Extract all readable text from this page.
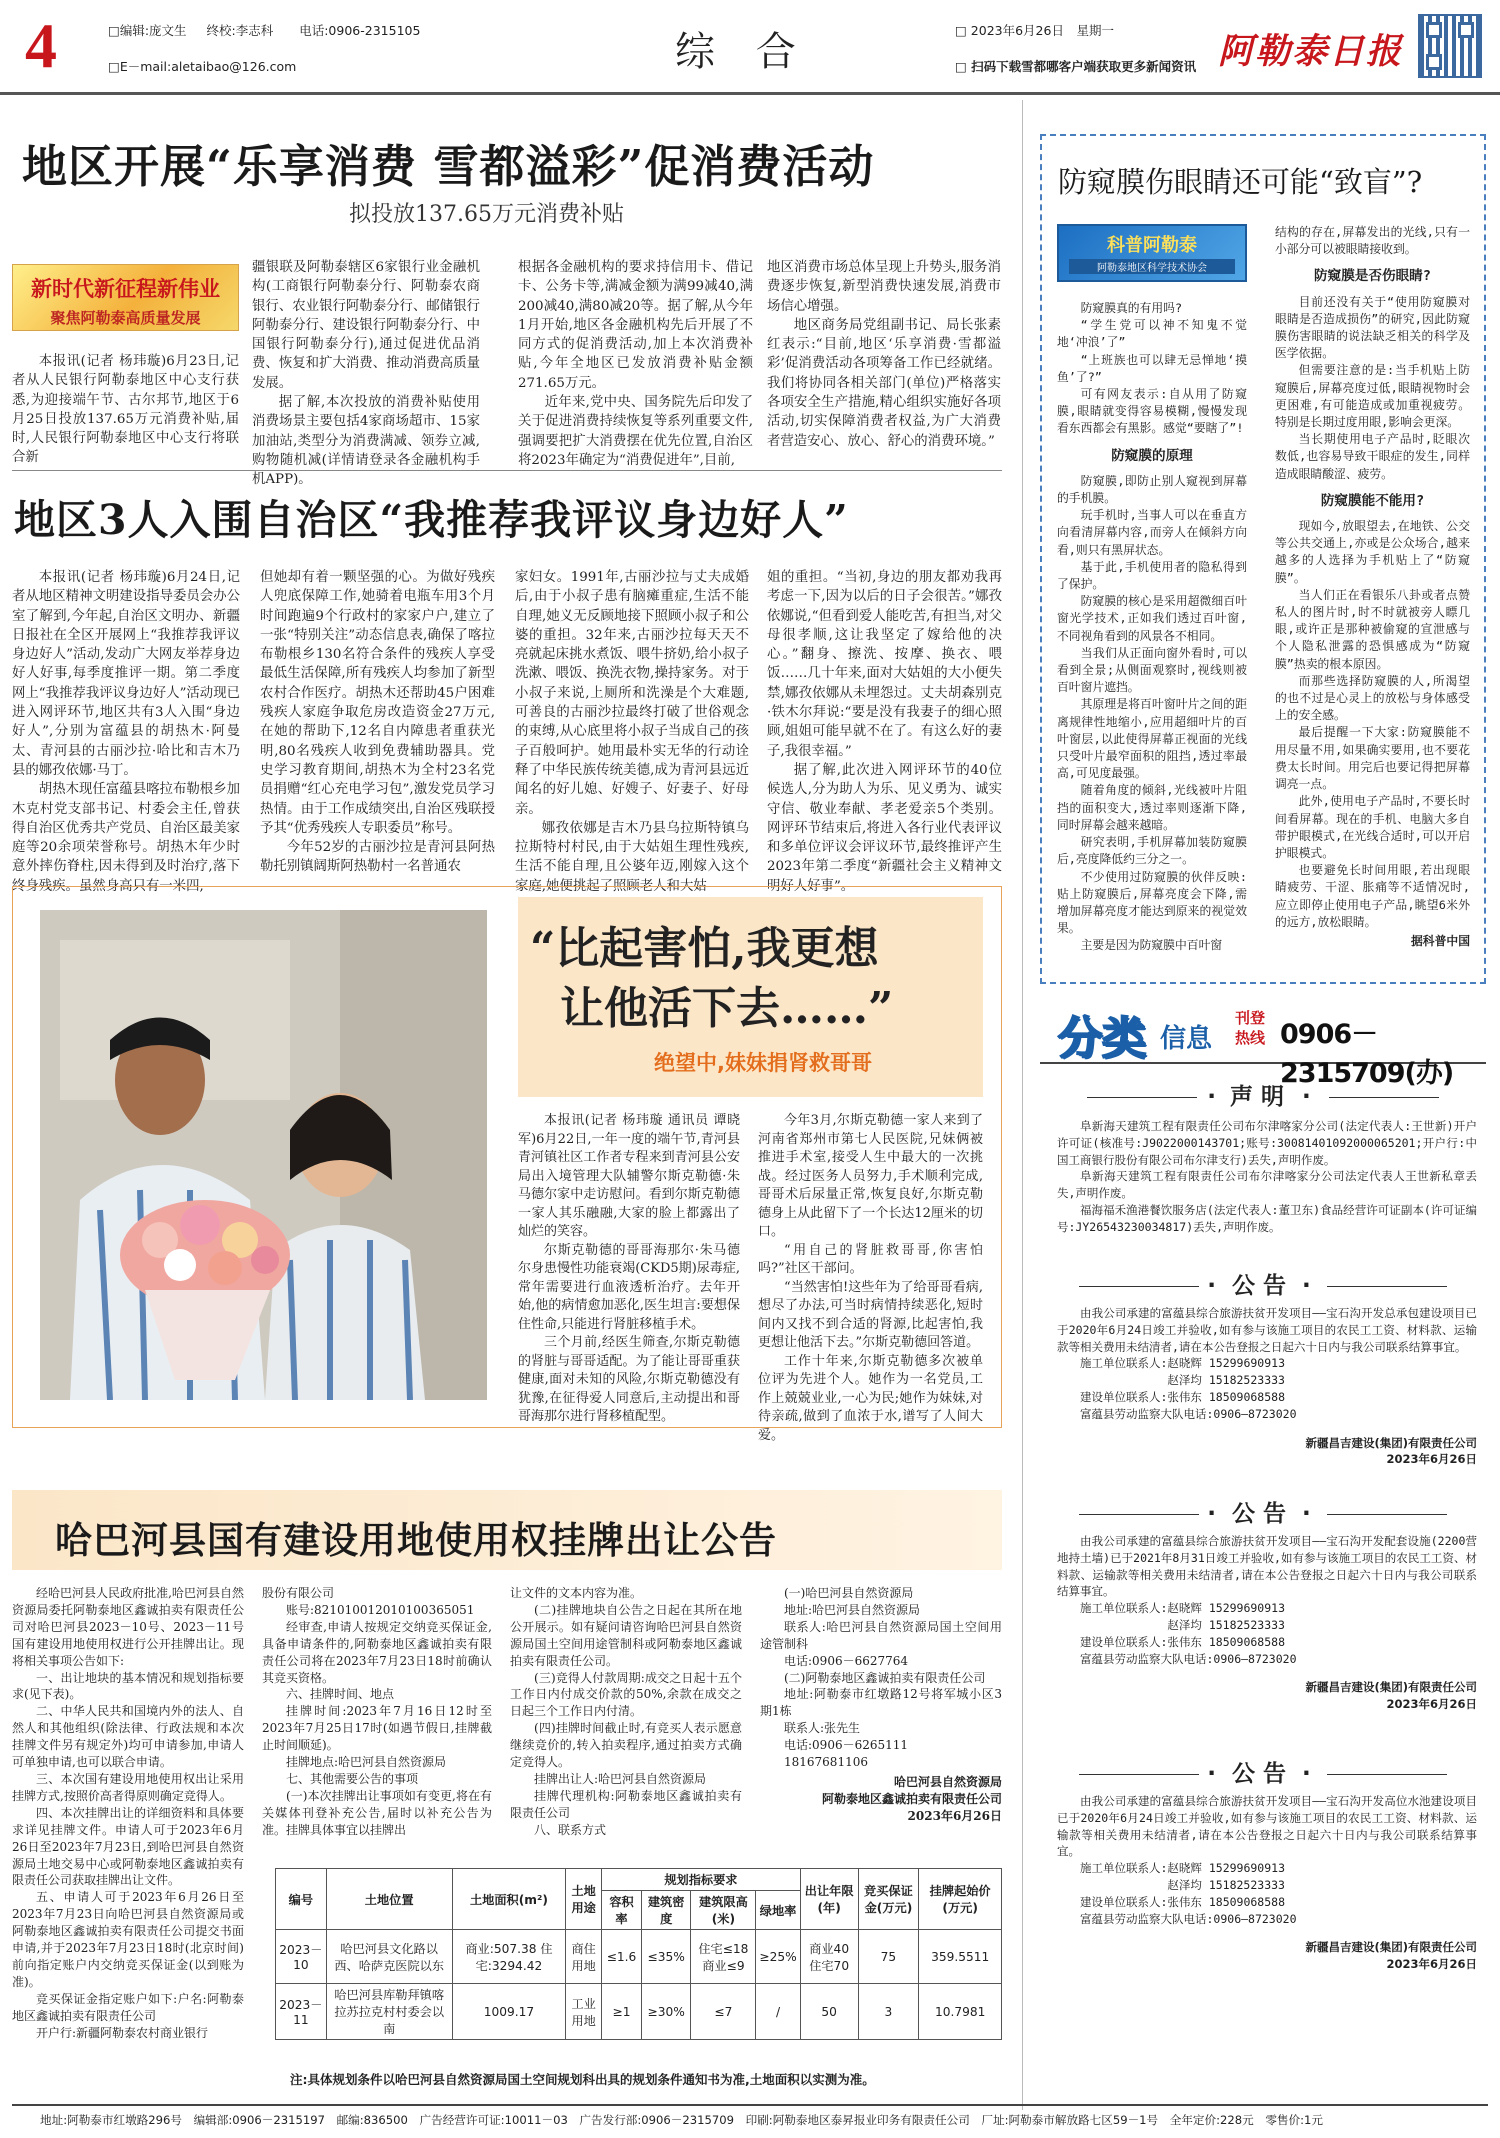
4	□编辑:庞文生 终校:李志科 电话:0906-2315105
□E－mail:aletaibao@126.com	综 合	□ 2023年6月26日　 星期一
□ 扫码下载雪都哪客户端获取更多新闻资讯 阿勒泰日报
地区开展“乐享消费 雪都溢彩”促消费活动
拟投放137.65万元消费补贴
新时代新征程新伟业
聚焦阿勒泰高质量发展

本报讯(记者 杨玮璇)6月23日,记者从人民银行阿勒泰地区中心支行获悉,为迎接端午节、古尔邦节,地区于6月25日投放137.65万元消费补贴,届时,人民银行阿勒泰地区中心支行将联合新

疆银联及阿勒泰辖区6家银行业金融机构(工商银行阿勒泰分行、阿勒泰农商银行、农业银行阿勒泰分行、邮储银行阿勒泰分行、建设银行阿勒泰分行、中国银行阿勒泰分行),通过促进优品消费、恢复和扩大消费、推动消费高质量发展。

据了解,本次投放的消费补贴使用消费场景主要包括4家商场超市、15家加油站,类型分为消费满减、领券立减,购物随机减(详情请登录各金融机构手机APP)。

根据各金融机构的要求持信用卡、借记卡、公务卡等,满减金额为满99减40,满200减40,满80减20等。据了解,从今年1月开始,地区各金融机构先后开展了不同方式的促消费活动,加上本次消费补贴,今年全地区已发放消费补贴金额271.65万元。

近年来,党中央、国务院先后印发了关于促进消费持续恢复等系列重要文件,强调要把扩大消费摆在优先位置,自治区将2023年确定为“消费促进年”,目前,

地区消费市场总体呈现上升势头,服务消费逐步恢复,新型消费快速发展,消费市场信心增强。

地区商务局党组副书记、局长张素红表示:“目前,地区‘乐享消费·雪都溢彩’促消费活动各项筹备工作已经就绪。我们将协同各相关部门(单位)严格落实各项安全生产措施,精心组织实施好各项活动,切实保障消费者权益,为广大消费者营造安心、放心、舒心的消费环境。”

地区3人入围自治区“我推荐我评议身边好人”

本报讯(记者 杨玮璇)6月24日,记者从地区精神文明建设指导委员会办公室了解到,今年起,自治区文明办、新疆日报社在全区开展网上“我推荐我评议身边好人”活动,发动广大网友举荐身边好人好事,每季度推评一期。第二季度网上“我推荐我评议身边好人”活动现已进入网评环节,地区共有3人入围“身边好人”,分别为富蕴县的胡热木·阿曼太、青河县的古丽沙拉·哈比和吉木乃县的娜孜依娜·马丁。

胡热木现任富蕴县喀拉布勒根乡加木克村党支部书记、村委会主任,曾获得自治区优秀共产党员、自治区最美家庭等20余项荣誉称号。胡热木年少时意外摔伤脊柱,因未得到及时治疗,落下终身残疾。虽然身高只有一米四,

但她却有着一颗坚强的心。为做好残疾人兜底保障工作,她骑着电瓶车用3个月时间跑遍9个行政村的家家户户,建立了一张“特别关注”动态信息表,确保了喀拉布勒根乡130名符合条件的残疾人享受最低生活保障,所有残疾人均参加了新型农村合作医疗。胡热木还帮助45户困难残疾人家庭争取危房改造资金27万元,在她的帮助下,12名自内障患者重获光明,80名残疾人收到免费辅助器具。党史学习教育期间,胡热木为全村23名党员捐赠“红心充电学习包”,激发党员学习热情。由于工作成绩突出,自治区残联授予其“优秀残疾人专职委员”称号。

今年52岁的古丽沙拉是青河县阿热勒托别镇阔斯阿热勒村一名普通农

家妇女。1991年,古丽沙拉与丈夫成婚后,由于小叔子患有脑瘫重症,生活不能自理,她义无反顾地接下照顾小叔子和公婆的重担。32年来,古丽沙拉每天天不亮就起床挑水煮饭、喂牛挤奶,给小叔子洗漱、喂饭、换洗衣物,操持家务。对于小叔子来说,上厕所和洗澡是个大难题,可善良的古丽沙拉最终打破了世俗观念的束缚,从心底里将小叔子当成自己的孩子百般呵护。她用最朴实无华的行动诠释了中华民族传统美德,成为青河县远近闻名的好儿媳、好嫂子、好妻子、好母亲。

娜孜依娜是吉木乃县乌拉斯特镇乌拉斯特村村民,由于大姑姐生理性残疾,生活不能自理,且公婆年迈,刚嫁入这个家庭,她便挑起了照顾老人和大姑

姐的重担。“当初,身边的朋友都劝我再考虑一下,因为以后的日子会很苦。”娜孜依娜说,“但看到爱人能吃苦,有担当,对父母很孝顺,这让我坚定了嫁给他的决心。”翻身、擦洗、按摩、换衣、喂饭……几十年来,面对大姑姐的大小便失禁,娜孜依娜从未埋怨过。丈夫胡森别克·铁木尔拜说:“要是没有我妻子的细心照顾,姐姐可能早就不在了。有这么好的妻子,我很幸福。”

据了解,此次进入网评环节的40位候选人,分为助人为乐、见义勇为、诚实守信、敬业奉献、孝老爱亲5个类别。网评环节结束后,将进入各行业代表评议和多单位评议会评议环节,最终推评产生2023年第二季度“新疆社会主义精神文明好人好事”。

“比起害怕,我更想
让他活下去……”
绝望中,妹妹捐肾救哥哥

本报讯(记者 杨玮璇 通讯员 谭晓军)6月22日,一年一度的端午节,青河县青河镇社区工作者专程来到青河县公安局出入境管理大队辅警尔斯克勒德·朱马德尔家中走访慰问。看到尔斯克勒德一家人其乐融融,大家的脸上都露出了灿烂的笑容。

尔斯克勒德的哥哥海那尔·朱马德尔身患慢性功能衰竭(CKD5期)尿毒症,常年需要进行血液透析治疗。去年开始,他的病情愈加恶化,医生坦言:要想保住性命,只能进行肾脏移植手术。

三个月前,经医生筛查,尔斯克勒德的肾脏与哥哥适配。为了能让哥哥重获健康,面对未知的风险,尔斯克勒德没有犹豫,在征得爱人同意后,主动提出和哥哥海那尔进行肾移植配型。

今年3月,尔斯克勒德一家人来到了河南省郑州市第七人民医院,兄妹俩被推进手术室,接受人生中最大的一次挑战。经过医务人员努力,手术顺利完成,哥哥术后尿量正常,恢复良好,尔斯克勒德身上从此留下了一个长达12厘米的切口。

“用自己的肾脏救哥哥,你害怕吗?”社区干部问。

“当然害怕!这些年为了给哥哥看病,想尽了办法,可当时病情持续恶化,短时间内又找不到合适的肾源,比起害怕,我更想让他活下去。”尔斯克勒德回答道。

工作十年来,尔斯克勒德多次被单位评为先进个人。她作为一名党员,工作上兢兢业业,一心为民;她作为妹妹,对待亲疏,做到了血浓于水,谱写了人间大爱。

哈巴河县国有建设用地使用权挂牌出让公告

经哈巴河县人民政府批准,哈巴河县自然资源局委托阿勒泰地区鑫诚拍卖有限责任公司对哈巴河县2023－10号、2023－11号国有建设用地使用权进行公开挂牌出让。现将相关事项公告如下:

一、出让地块的基本情况和规划指标要求(见下表)。

二、中华人民共和国境内外的法人、自然人和其他组织(除法律、行政法规和本次挂牌文件另有规定外)均可申请参加,申请人可单独申请,也可以联合申请。

三、本次国有建设用地使用权出让采用挂牌方式,按照价高者得原则确定竞得人。

四、本次挂牌出让的详细资料和具体要求详见挂牌文件。申请人可于2023年6月26日至2023年7月23日,到哈巴河县自然资源局土地交易中心或阿勒泰地区鑫诚拍卖有限责任公司获取挂牌出让文件。

五、申请人可于2023年6月26日至2023年7月23日向哈巴河县自然资源局或阿勒泰地区鑫诚拍卖有限责任公司提交书面申请,并于2023年7月23日18时(北京时间)前向指定账户内交纳竞买保证金(以到账为准)。

竞买保证金指定账户如下:户名:阿勒泰地区鑫诚拍卖有限责任公司

开户行:新疆阿勒泰农村商业银行

股份有限公司

账号:821010012010100365051

经审查,申请人按规定交纳竞买保证金,具备申请条件的,阿勒泰地区鑫诚拍卖有限责任公司将在2023年7月23日18时前确认其竞买资格。

六、挂牌时间、地点

挂牌时间:2023年7月16日12时至2023年7月25日17时(如遇节假日,挂牌截止时间顺延)。

挂牌地点:哈巴河县自然资源局

七、其他需要公告的事项

(一)本次挂牌出让事项如有变更,将在有关媒体刊登补充公告,届时以补充公告为准。挂牌具体事宜以挂牌出

让文件的文本内容为准。

(二)挂牌地块自公告之日起在其所在地公开展示。如有疑问请咨询哈巴河县自然资源局国土空间用途管制科或阿勒泰地区鑫诚拍卖有限责任公司。

(三)竞得人付款周期:成交之日起十五个工作日内付成交价款的50%,余款在成交之日起三个工作日内付清。

(四)挂牌时间截止时,有竞买人表示愿意继续竞价的,转入拍卖程序,通过拍卖方式确定竞得人。

挂牌出让人:哈巴河县自然资源局

挂牌代理机构:阿勒泰地区鑫诚拍卖有限责任公司

八、联系方式

(一)哈巴河县自然资源局

地址:哈巴河县自然资源局

联系人:哈巴河县自然资源局国土空间用途管制科

电话:0906－6627764

(二)阿勒泰地区鑫诚拍卖有限责任公司

地址:阿勒泰市红墩路12号将军城小区3期1栋

联系人:张先生

电话:0906－6265111

18167681106

哈巴河县自然资源局
阿勒泰地区鑫诚拍卖有限责任公司
2023年6月26日
编号	土地位置	土地面积(m²)	土地用途	规划指标要求				出让年限(年)	竞买保证金(万元)	挂牌起始价(万元)
				容积率	建筑密度	建筑限高(米)	绿地率			
2023－10	哈巴河县文化路以西、哈萨克医院以东	商业:507.38 住宅:3294.42	商住用地	≤1.6	≤35%	住宅≤18 商业≤9	≥25%	商业40 住宅70	75	359.5511
2023－11	哈巴河县库勒拜镇喀拉苏拉克村村委会以南	1009.17	工业用地	≥1	≥30%	≤7	/	50	3	10.7981
注:具体规划条件以哈巴河县自然资源局国土空间规划科出具的规划条件通知书为准,土地面积以实测为准。
防窥膜伤眼睛还可能“致盲”?
科普阿勒泰
阿勒泰地区科学技术协会

防窥膜真的有用吗?

“学生党可以神不知鬼不觉地‘冲浪’了”

“上班族也可以肆无忌惮地‘摸鱼’了?”

可有网友表示:自从用了防窥膜,眼睛就变得容易模糊,慢慢发现看东西都会有黑影。感觉“要瞎了”!

防窥膜的原理

防窥膜,即防止别人窥视到屏幕的手机膜。

玩手机时,当事人可以在垂直方向看清屏幕内容,而旁人在倾斜方向看,则只有黑屏状态。

基于此,手机使用者的隐私得到了保护。

防窥膜的核心是采用超微细百叶窗光学技术,正如我们透过百叶窗,不同视角看到的风景各不相同。

当我们从正面向窗外看时,可以看到全景;从侧面观察时,视线则被百叶窗片遮挡。

其原理是将百叶窗叶片之间的距离规律性地缩小,应用超细叶片的百叶窗层,以此使得屏幕正视面的光线只受叶片最窄面积的阻挡,透过率最高,可见度最强。

随着角度的倾斜,光线被叶片阻挡的面积变大,透过率则逐渐下降,同时屏幕会越来越暗。

研究表明,手机屏幕加装防窥膜后,亮度降低约三分之一。

不少使用过防窥膜的伙伴反映:贴上防窥膜后,屏幕亮度会下降,需增加屏幕亮度才能达到原来的视觉效果。

主要是因为防窥膜中百叶窗

结构的存在,屏幕发出的光线,只有一小部分可以被眼睛接收到。

防窥膜是否伤眼睛?

目前还没有关于“使用防窥膜对眼睛是否造成损伤”的研究,因此防窥膜伤害眼睛的说法缺乏相关的科学及医学依据。

但需要注意的是:当手机贴上防窥膜后,屏幕亮度过低,眼睛视物时会更困难,有可能造成或加重视疲劳。特别是长期过度用眼,影响会更深。

当长期使用电子产品时,眨眼次数低,也容易导致干眼症的发生,同样造成眼睛酸涩、疲劳。

防窥膜能不能用?

现如今,放眼望去,在地铁、公交等公共交通上,亦或是公众场合,越来越多的人选择为手机贴上了“防窥膜”。

当人们正在看银乐八卦或者点赞私人的图片时,时不时就被旁人瞟几眼,或许正是那种被偷窥的宣泄感与个人隐私泄露的恐惧感成为“防窥膜”热卖的根本原因。

而那些选择防窥膜的人,所渴望的也不过是心灵上的放松与身体感受上的安全感。

最后提醒一下大家:防窥膜能不用尽量不用,如果确实要用,也不要花费太长时间。用完后也要记得把屏幕调亮一点。

此外,使用电子产品时,不要长时间看屏幕。现在的手机、电脑大多自带护眼模式,在光线合适时,可以开启护眼模式。

也要避免长时间用眼,若出现眼睛疲劳、干涩、胀痛等不适情况时,应立即停止使用电子产品,眺望6米外的远方,放松眼睛。

据科普中国
分类 信息
刊登
热线 0906－2315709(办)
· 声明 ·

阜新海天建筑工程有限责任公司布尔津喀家分公司(法定代表人:王世新)开户许可证(核准号:J9022000143701;账号:30081401092000065201;开户行:中国工商银行股份有限公司布尔津支行)丢失,声明作废。

阜新海天建筑工程有限责任公司布尔津喀家分公司法定代表人王世新私章丢失,声明作废。

福海福禾渔港餐饮服务店(法定代表人:董卫东)食品经营许可证副本(许可证编号:JY26543230034817)丢失,声明作废。

· 公告 ·

由我公司承建的富蕴县综合旅游扶贫开发项目——宝石沟开发总承包建设项目已于2020年6月24日竣工并验收,如有参与该施工项目的农民工工资、材料款、运输款等相关费用未结清者,请在本公告登报之日起六十日内与我公司联系结算事宜。

施工单位联系人:赵晓辉 15299690913

赵泽均 15182523333

建设单位联系人:张伟东 18509068588

富蕴县劳动监察大队电话:0906—8723020

新疆昌吉建设(集团)有限责任公司
2023年6月26日
· 公告 ·

由我公司承建的富蕴县综合旅游扶贫开发项目——宝石沟开发配套设施(2200营地持土墙)已于2021年8月31日竣工并验收,如有参与该施工项目的农民工工资、材料款、运输款等相关费用未结清者,请在本公告登报之日起六十日内与我公司联系结算事宜。

施工单位联系人:赵晓辉 15299690913

赵泽均 15182523333

建设单位联系人:张伟东 18509068588

富蕴县劳动监察大队电话:0906—8723020

新疆昌吉建设(集团)有限责任公司
2023年6月26日
· 公告 ·

由我公司承建的富蕴县综合旅游扶贫开发项目——宝石沟开发高位水池建设项目已于2020年6月24日竣工并验收,如有参与该施工项目的农民工工资、材料款、运输款等相关费用未结清者,请在本公告登报之日起六十日内与我公司联系结算事宜。

施工单位联系人:赵晓辉 15299690913

赵泽均 15182523333

建设单位联系人:张伟东 18509068588

富蕴县劳动监察大队电话:0906—8723020

新疆昌吉建设(集团)有限责任公司
2023年6月26日
地址:阿勒泰市红墩路296号　编辑部:0906－2315197　邮编:836500　广告经营许可证:10011－03　广告发行部:0906－2315709　印刷:阿勒泰地区泰昇报业印务有限责任公司　厂址:阿勒泰市解放路七区59－1号　全年定价:228元　零售价:1元
